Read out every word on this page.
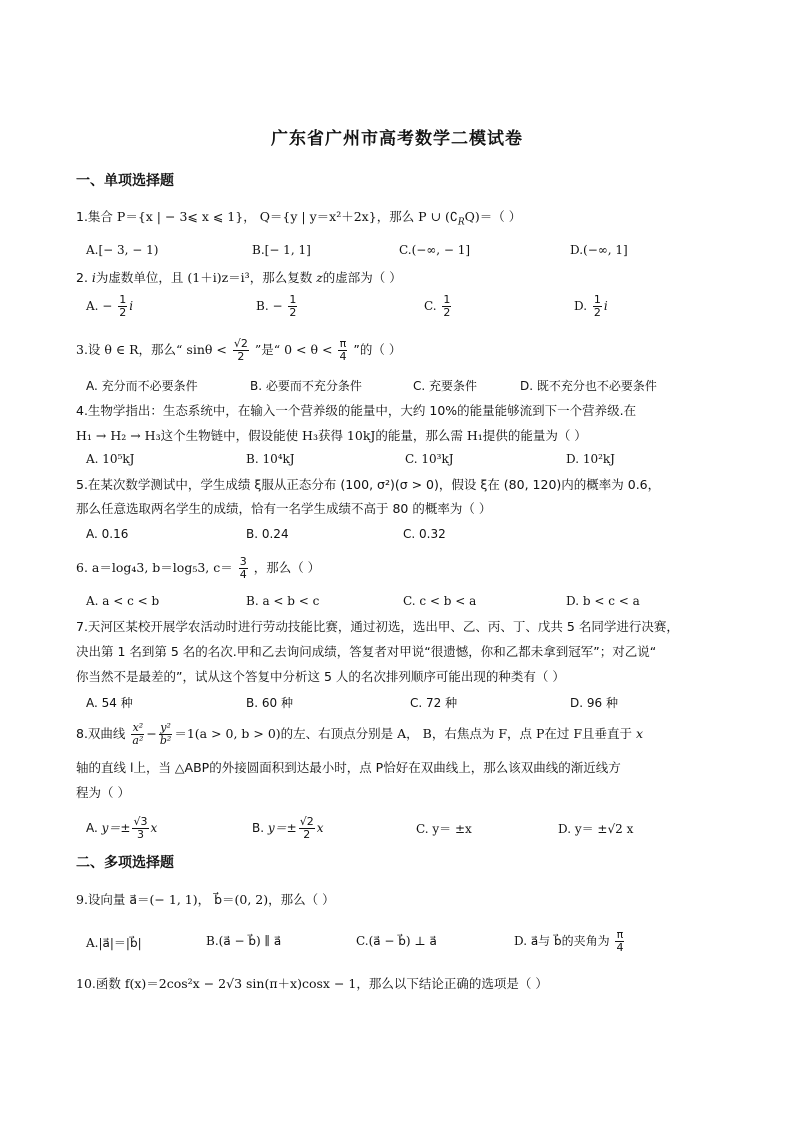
广东省广州市高考数学二模试卷
一、单项选择题
1.集合 P＝{x | − 3⩽ x ⩽ 1}， Q＝{y | y＝x²＋2x}，那么 P ∪ $(∁_RQ)=$（ ）
A.[− 3, − 1)	B.[− 1, 1]	C.(−∞, − 1]	D.(−∞, 1]
2. i为虚数单位，且 (1＋i)z＝i³，那么复数 z的虚部为（ ）
A. − $\frac{1}{2}$ i	B. − $\frac{1}{2}$	C. $\frac{1}{2}$	D. $\frac{1}{2}$ i
3.设 θ ∈ R，那么“ $\sin\theta < \frac{√2}{2}$ ”是“ $0 < \theta < \frac{\pi}{4}$ ”的（ ）
A. 充分而不必要条件	B. 必要而不充分条件	C. 充要条件	D. 既不充分也不必要条件
4.生物学指出：生态系统中，在输入一个营养级的能量中，大约 10%的能量能够流到下一个营养级.在
H₁ → H₂ → H₃这个生物链中，假设能使 H₃获得 10kJ的能量，那么需 H₁提供的能量为（ ）
A. 10⁵kJ	B. 10⁴kJ	C. 10³kJ	D. 10²kJ
5.在某次数学测试中，学生成绩 ξ服从正态分布 (100, σ²)(σ > 0)，假设 ξ在 (80, 120)内的概率为 0.6，
那么任意选取两名学生的成绩，恰有一名学生成绩不高于 80 的概率为（ ）
A. 0.16	B. 0.24	C. 0.32
6. a＝log₄3, b＝log₅3, $c= \frac{3}{4}$ ，那么（ ）
A. a < c < b	B. a < b < c	C. c < b < a	D. b < c < a
7.天河区某校开展学农活动时进行劳动技能比赛，通过初选，选出甲、乙、丙、丁、戊共 5 名同学进行决赛，
决出第 1 名到第 5 名的名次.甲和乙去询问成绩，答复者对甲说“很遗憾，你和乙都未拿到冠军”；对乙说“
你当然不是最差的”，试从这个答复中分析这 5 人的名次排列顺序可能出现的种类有（ ）
A. 54 种	B. 60 种	C. 72 种	D. 96 种
8.双曲线 $\frac{\text{x²}}{\text{a²}} - \frac{\text{y²}}{\text{b²}} =1(a > 0$, b > 0)的左、右顶点分别是 A， B，右焦点为 F，点 P在过 F且垂直于 x
轴的直线 l上，当 △ABP的外接圆面积到达最小时，点 P恰好在双曲线上，那么该双曲线的渐近线方
程为（ ）
A. $y=\pm \frac{√3}{3}$ x	B. $y=\pm \frac{√2}{2}$ x	C. y＝ ±x	D. y＝ ±√2 x
二、多项选择题
9.设向量 a⃗＝(− 1, 1)， b⃗＝(0, 2)，那么（ ）
A.|a⃗|＝|b⃗|	B.(a⃗ − b⃗) ∥ a⃗	C.(a⃗ − b⃗) ⊥ a⃗	D. a⃗与 b⃗的夹角为 $\frac{\pi}{4}$
10.函数 f(x)＝2cos²x − 2√3 sin(π＋x)cosx − 1，那么以下结论正确的选项是（ ）
